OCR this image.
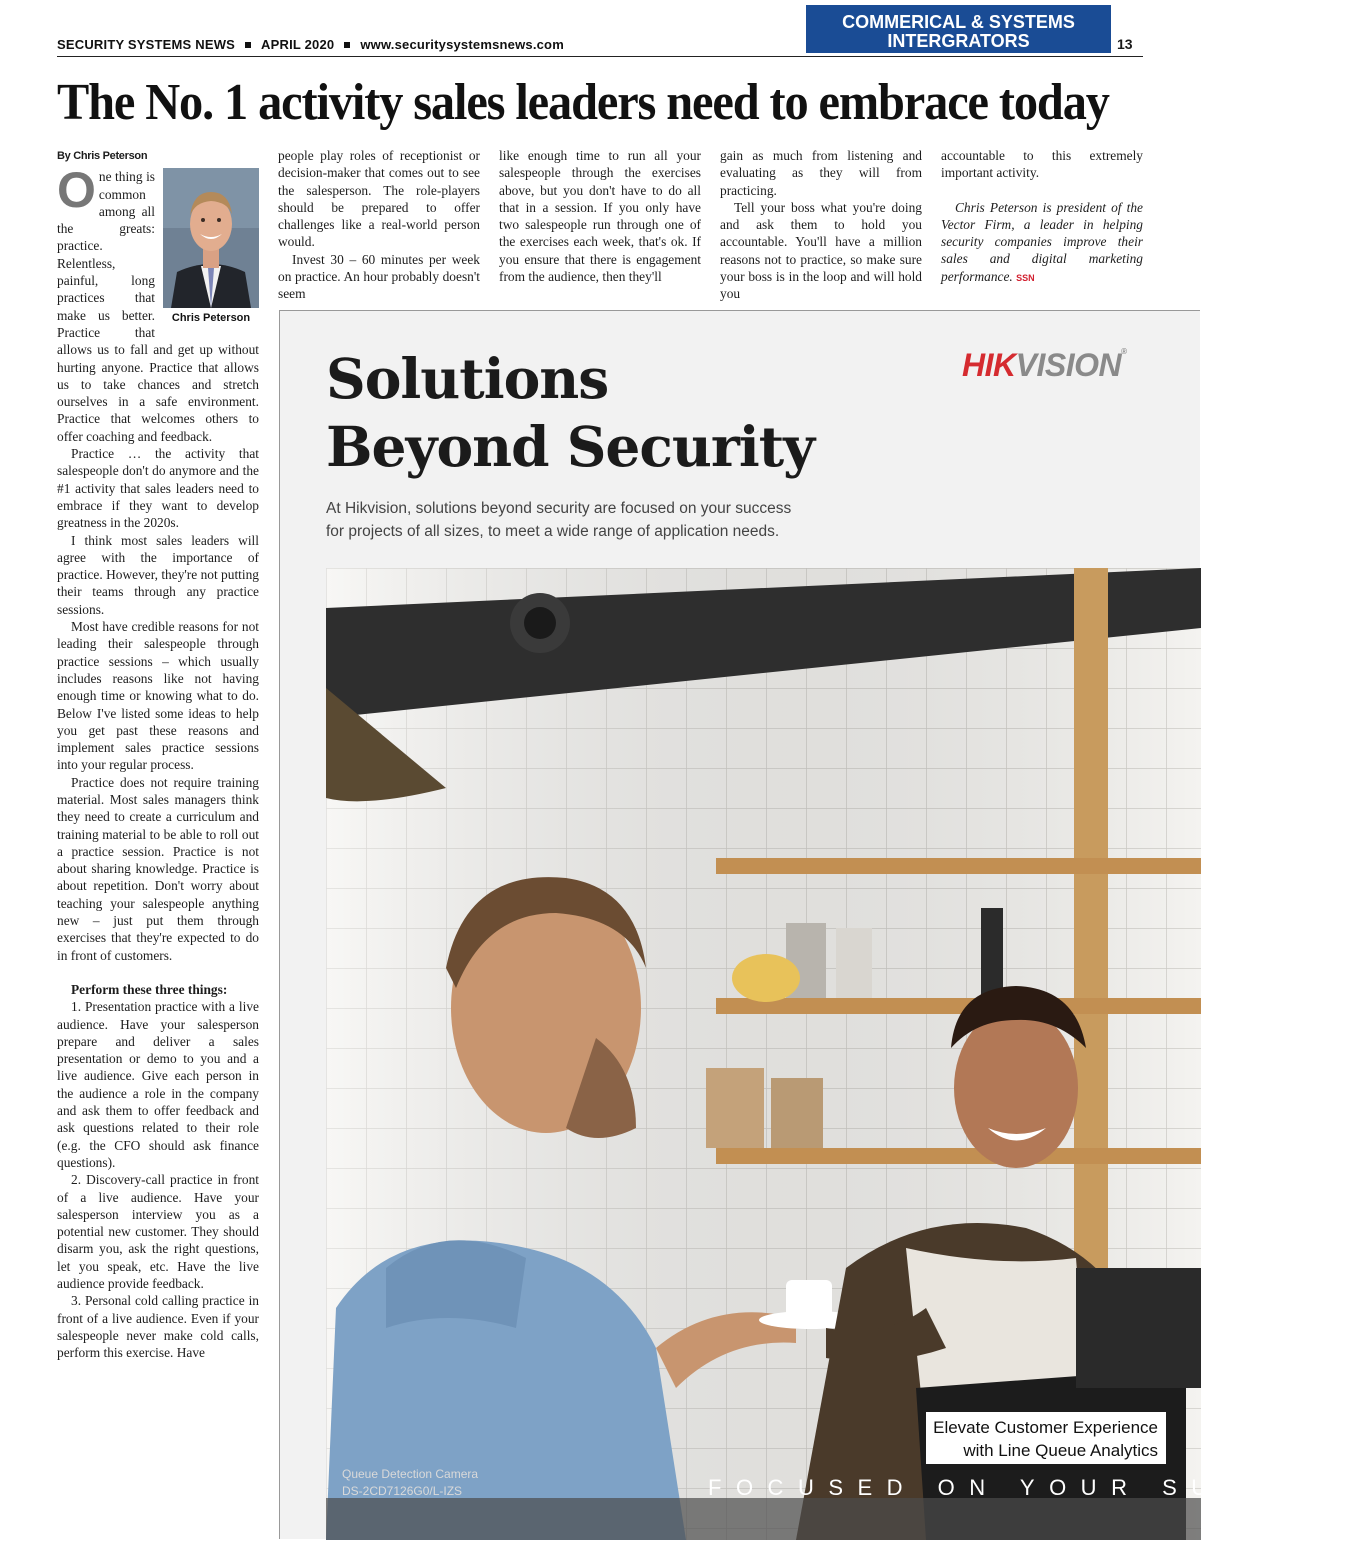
SECURITY SYSTEMS NEWS APRIL 2020 www.securitysystemsnews.com
COMMERICAL & SYSTEMS
INTERGRATORS	13
The No. 1 activity sales leaders need to embrace today
By Chris Peterson

Chris Peterson
O ne thing is common among all the greats: practice. Relentless, painful, long practices that make us better. Practice that allows us to fall and get up without hurting anyone. Practice that allows us to take chances and stretch ourselves in a safe environment. Practice that welcomes others to offer coaching and feedback.

Practice … the activity that salespeople don't do anymore and the #1 activity that sales leaders need to embrace if they want to develop greatness in the 2020s.

I think most sales leaders will agree with the importance of practice. However, they're not putting their teams through any practice sessions.

Most have credible reasons for not leading their salespeople through practice sessions – which usually includes reasons like not having enough time or knowing what to do. Below I've listed some ideas to help you get past these reasons and implement sales practice sessions into your regular process.

Practice does not require training material. Most sales managers think they need to create a curriculum and training material to be able to roll out a practice session. Practice is not about sharing knowledge. Practice is about repetition. Don't worry about teaching your salespeople anything new – just put them through exercises that they're expected to do in front of customers.

Perform these three things:

1. Presentation practice with a live audience. Have your salesperson prepare and deliver a sales presentation or demo to you and a live audience. Give each person in the audience a role in the company and ask them to offer feedback and ask questions related to their role (e.g. the CFO should ask finance questions).

2. Discovery-call practice in front of a live audience. Have your salesperson interview you as a potential new customer. They should disarm you, ask the right questions, let you speak, etc. Have the live audience provide feedback.

3. Personal cold calling practice in front of a live audience. Even if your salespeople never make cold calls, perform this exercise. Have

people play roles of receptionist or decision-maker that comes out to see the salesperson. The role-players should be prepared to offer challenges like a real-world person would.

Invest 30 – 60 minutes per week on practice. An hour probably doesn't seem

like enough time to run all your salespeople through the exercises above, but you don't have to do all that in a session. If you only have two salespeople run through one of the exercises each week, that's ok. If you ensure that there is engagement from the audience, then they'll

gain as much from listening and evaluating as they will from practicing.

Tell your boss what you're doing and ask them to hold you accountable. You'll have a million reasons not to practice, so make sure your boss is in the loop and will hold you

accountable to this extremely important activity.

Chris Peterson is president of the Vector Firm, a leader in helping security companies improve their sales and digital marketing performance. SSN

Solutions
Beyond Security
HIKVISION®
At Hikvision, solutions beyond security are focused on your success for projects of all sizes, to meet a wide range of application needs.
Elevate Customer Experience
with Line Queue Analytics
Queue Detection Camera
DS-2CD7126G0/L-IZS	FOCUSED ON YOUR SUCCESS
